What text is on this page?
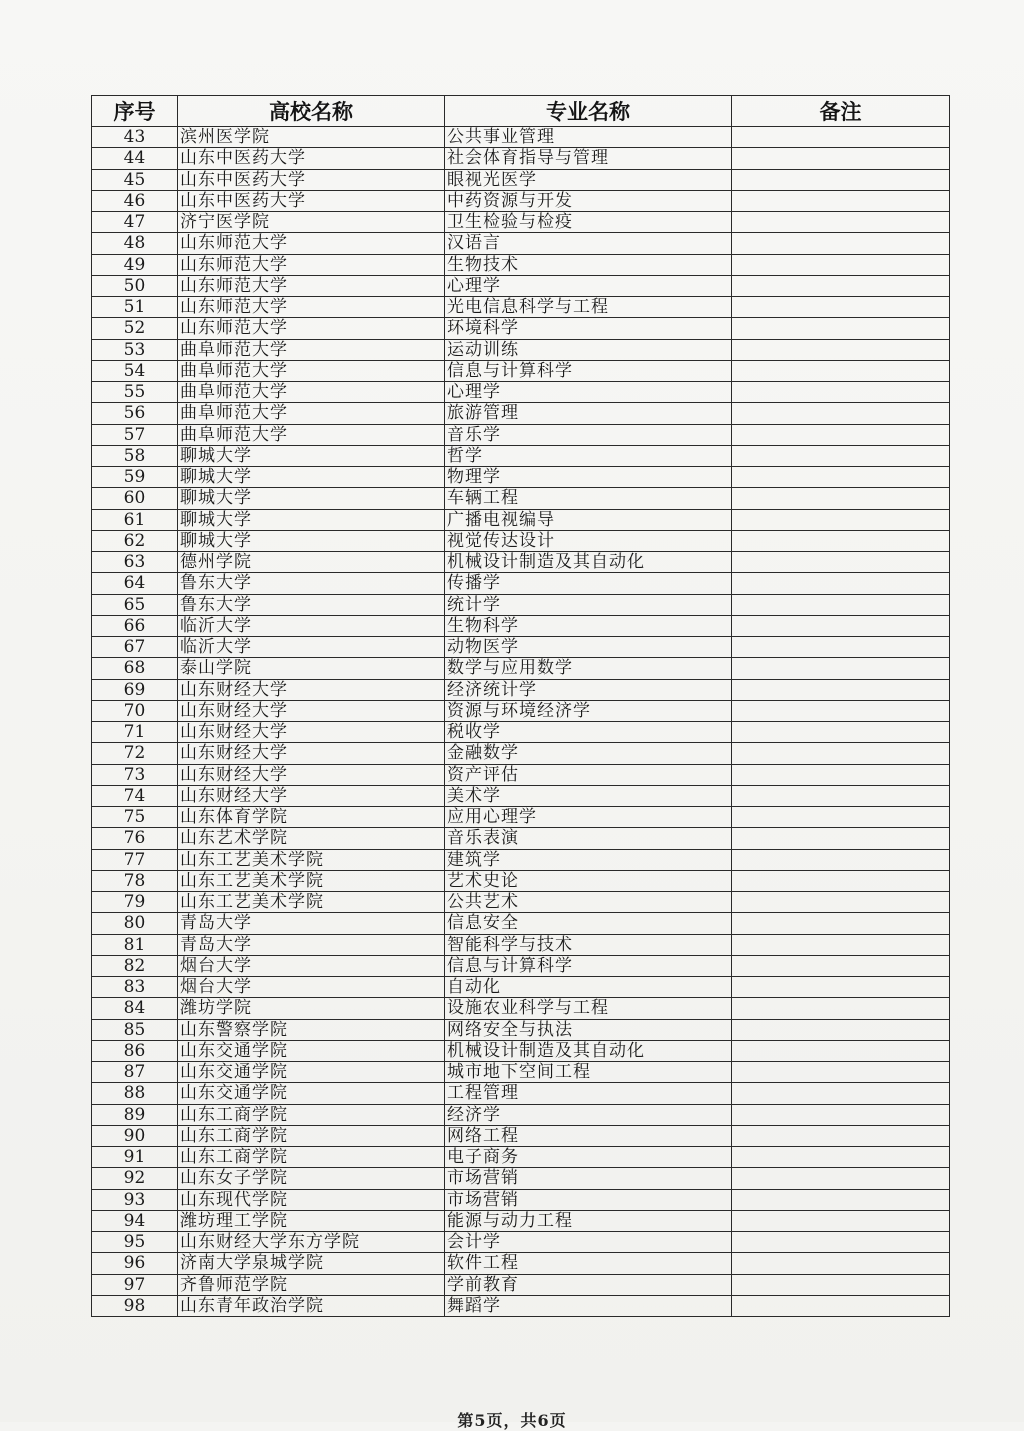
序号	高校名称	专业名称	备注
43	滨州医学院	公共事业管理	
44	山东中医药大学	社会体育指导与管理	
45	山东中医药大学	眼视光医学	
46	山东中医药大学	中药资源与开发	
47	济宁医学院	卫生检验与检疫	
48	山东师范大学	汉语言	
49	山东师范大学	生物技术	
50	山东师范大学	心理学	
51	山东师范大学	光电信息科学与工程	
52	山东师范大学	环境科学	
53	曲阜师范大学	运动训练	
54	曲阜师范大学	信息与计算科学	
55	曲阜师范大学	心理学	
56	曲阜师范大学	旅游管理	
57	曲阜师范大学	音乐学	
58	聊城大学	哲学	
59	聊城大学	物理学	
60	聊城大学	车辆工程	
61	聊城大学	广播电视编导	
62	聊城大学	视觉传达设计	
63	德州学院	机械设计制造及其自动化	
64	鲁东大学	传播学	
65	鲁东大学	统计学	
66	临沂大学	生物科学	
67	临沂大学	动物医学	
68	泰山学院	数学与应用数学	
69	山东财经大学	经济统计学	
70	山东财经大学	资源与环境经济学	
71	山东财经大学	税收学	
72	山东财经大学	金融数学	
73	山东财经大学	资产评估	
74	山东财经大学	美术学	
75	山东体育学院	应用心理学	
76	山东艺术学院	音乐表演	
77	山东工艺美术学院	建筑学	
78	山东工艺美术学院	艺术史论	
79	山东工艺美术学院	公共艺术	
80	青岛大学	信息安全	
81	青岛大学	智能科学与技术	
82	烟台大学	信息与计算科学	
83	烟台大学	自动化	
84	潍坊学院	设施农业科学与工程	
85	山东警察学院	网络安全与执法	
86	山东交通学院	机械设计制造及其自动化	
87	山东交通学院	城市地下空间工程	
88	山东交通学院	工程管理	
89	山东工商学院	经济学	
90	山东工商学院	网络工程	
91	山东工商学院	电子商务	
92	山东女子学院	市场营销	
93	山东现代学院	市场营销	
94	潍坊理工学院	能源与动力工程	
95	山东财经大学东方学院	会计学	
96	济南大学泉城学院	软件工程	
97	齐鲁师范学院	学前教育	
98	山东青年政治学院	舞蹈学	
第5页，共6页
